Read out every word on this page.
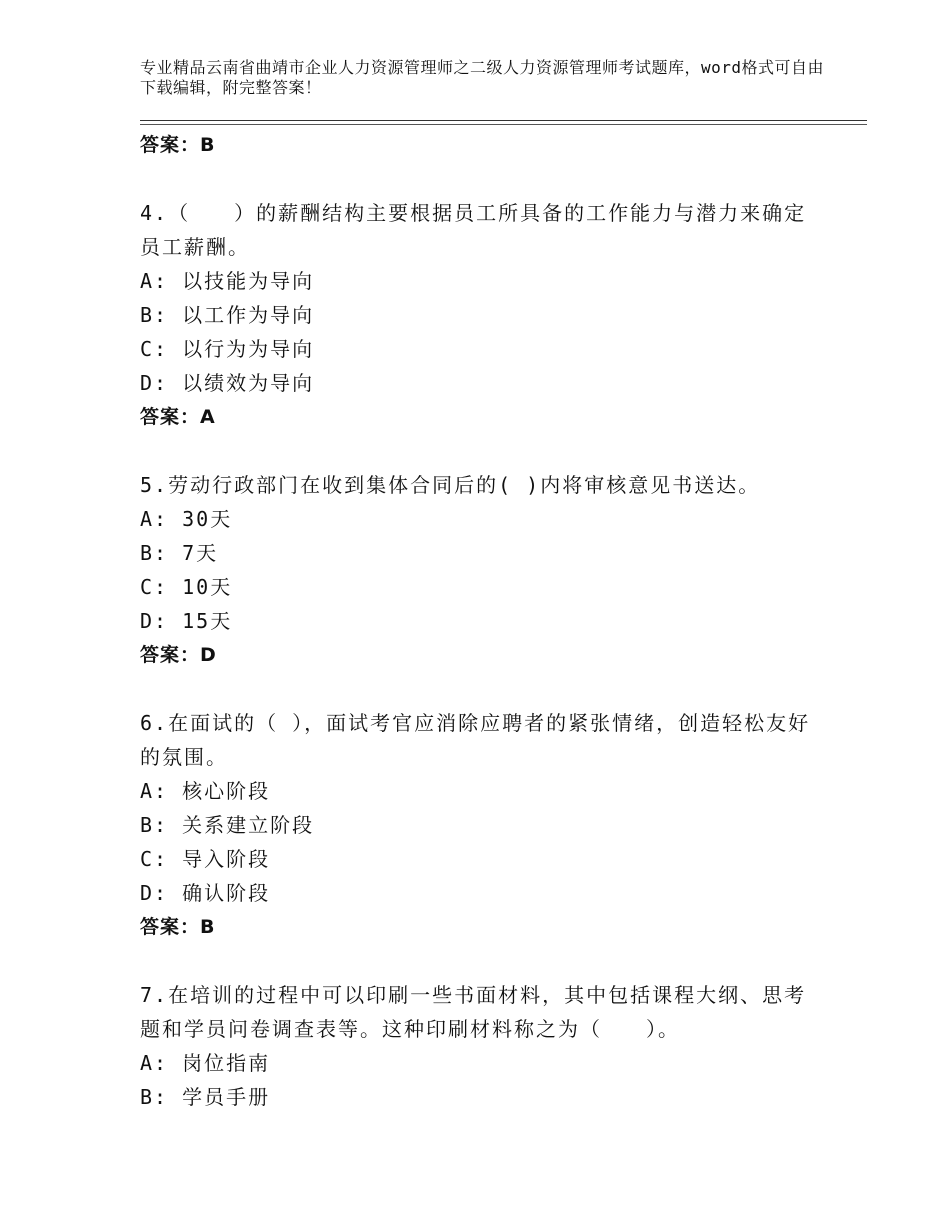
专业精品云南省曲靖市企业人力资源管理师之二级人力资源管理师考试题库，word格式可自由下载编辑，附完整答案！
答案：B
4.（　　）的薪酬结构主要根据员工所具备的工作能力与潜力来确定员工薪酬。
A: 以技能为导向
B: 以工作为导向
C: 以行为为导向
D: 以绩效为导向
答案：A
5.劳动行政部门在收到集体合同后的( )内将审核意见书送达。
A: 30天
B: 7天
C: 10天
D: 15天
答案：D
6.在面试的（ ），面试考官应消除应聘者的紧张情绪，创造轻松友好的氛围。
A: 核心阶段
B: 关系建立阶段
C: 导入阶段
D: 确认阶段
答案：B
7.在培训的过程中可以印刷一些书面材料，其中包括课程大纲、思考题和学员问卷调查表等。这种印刷材料称之为（　　）。
A: 岗位指南
B: 学员手册
